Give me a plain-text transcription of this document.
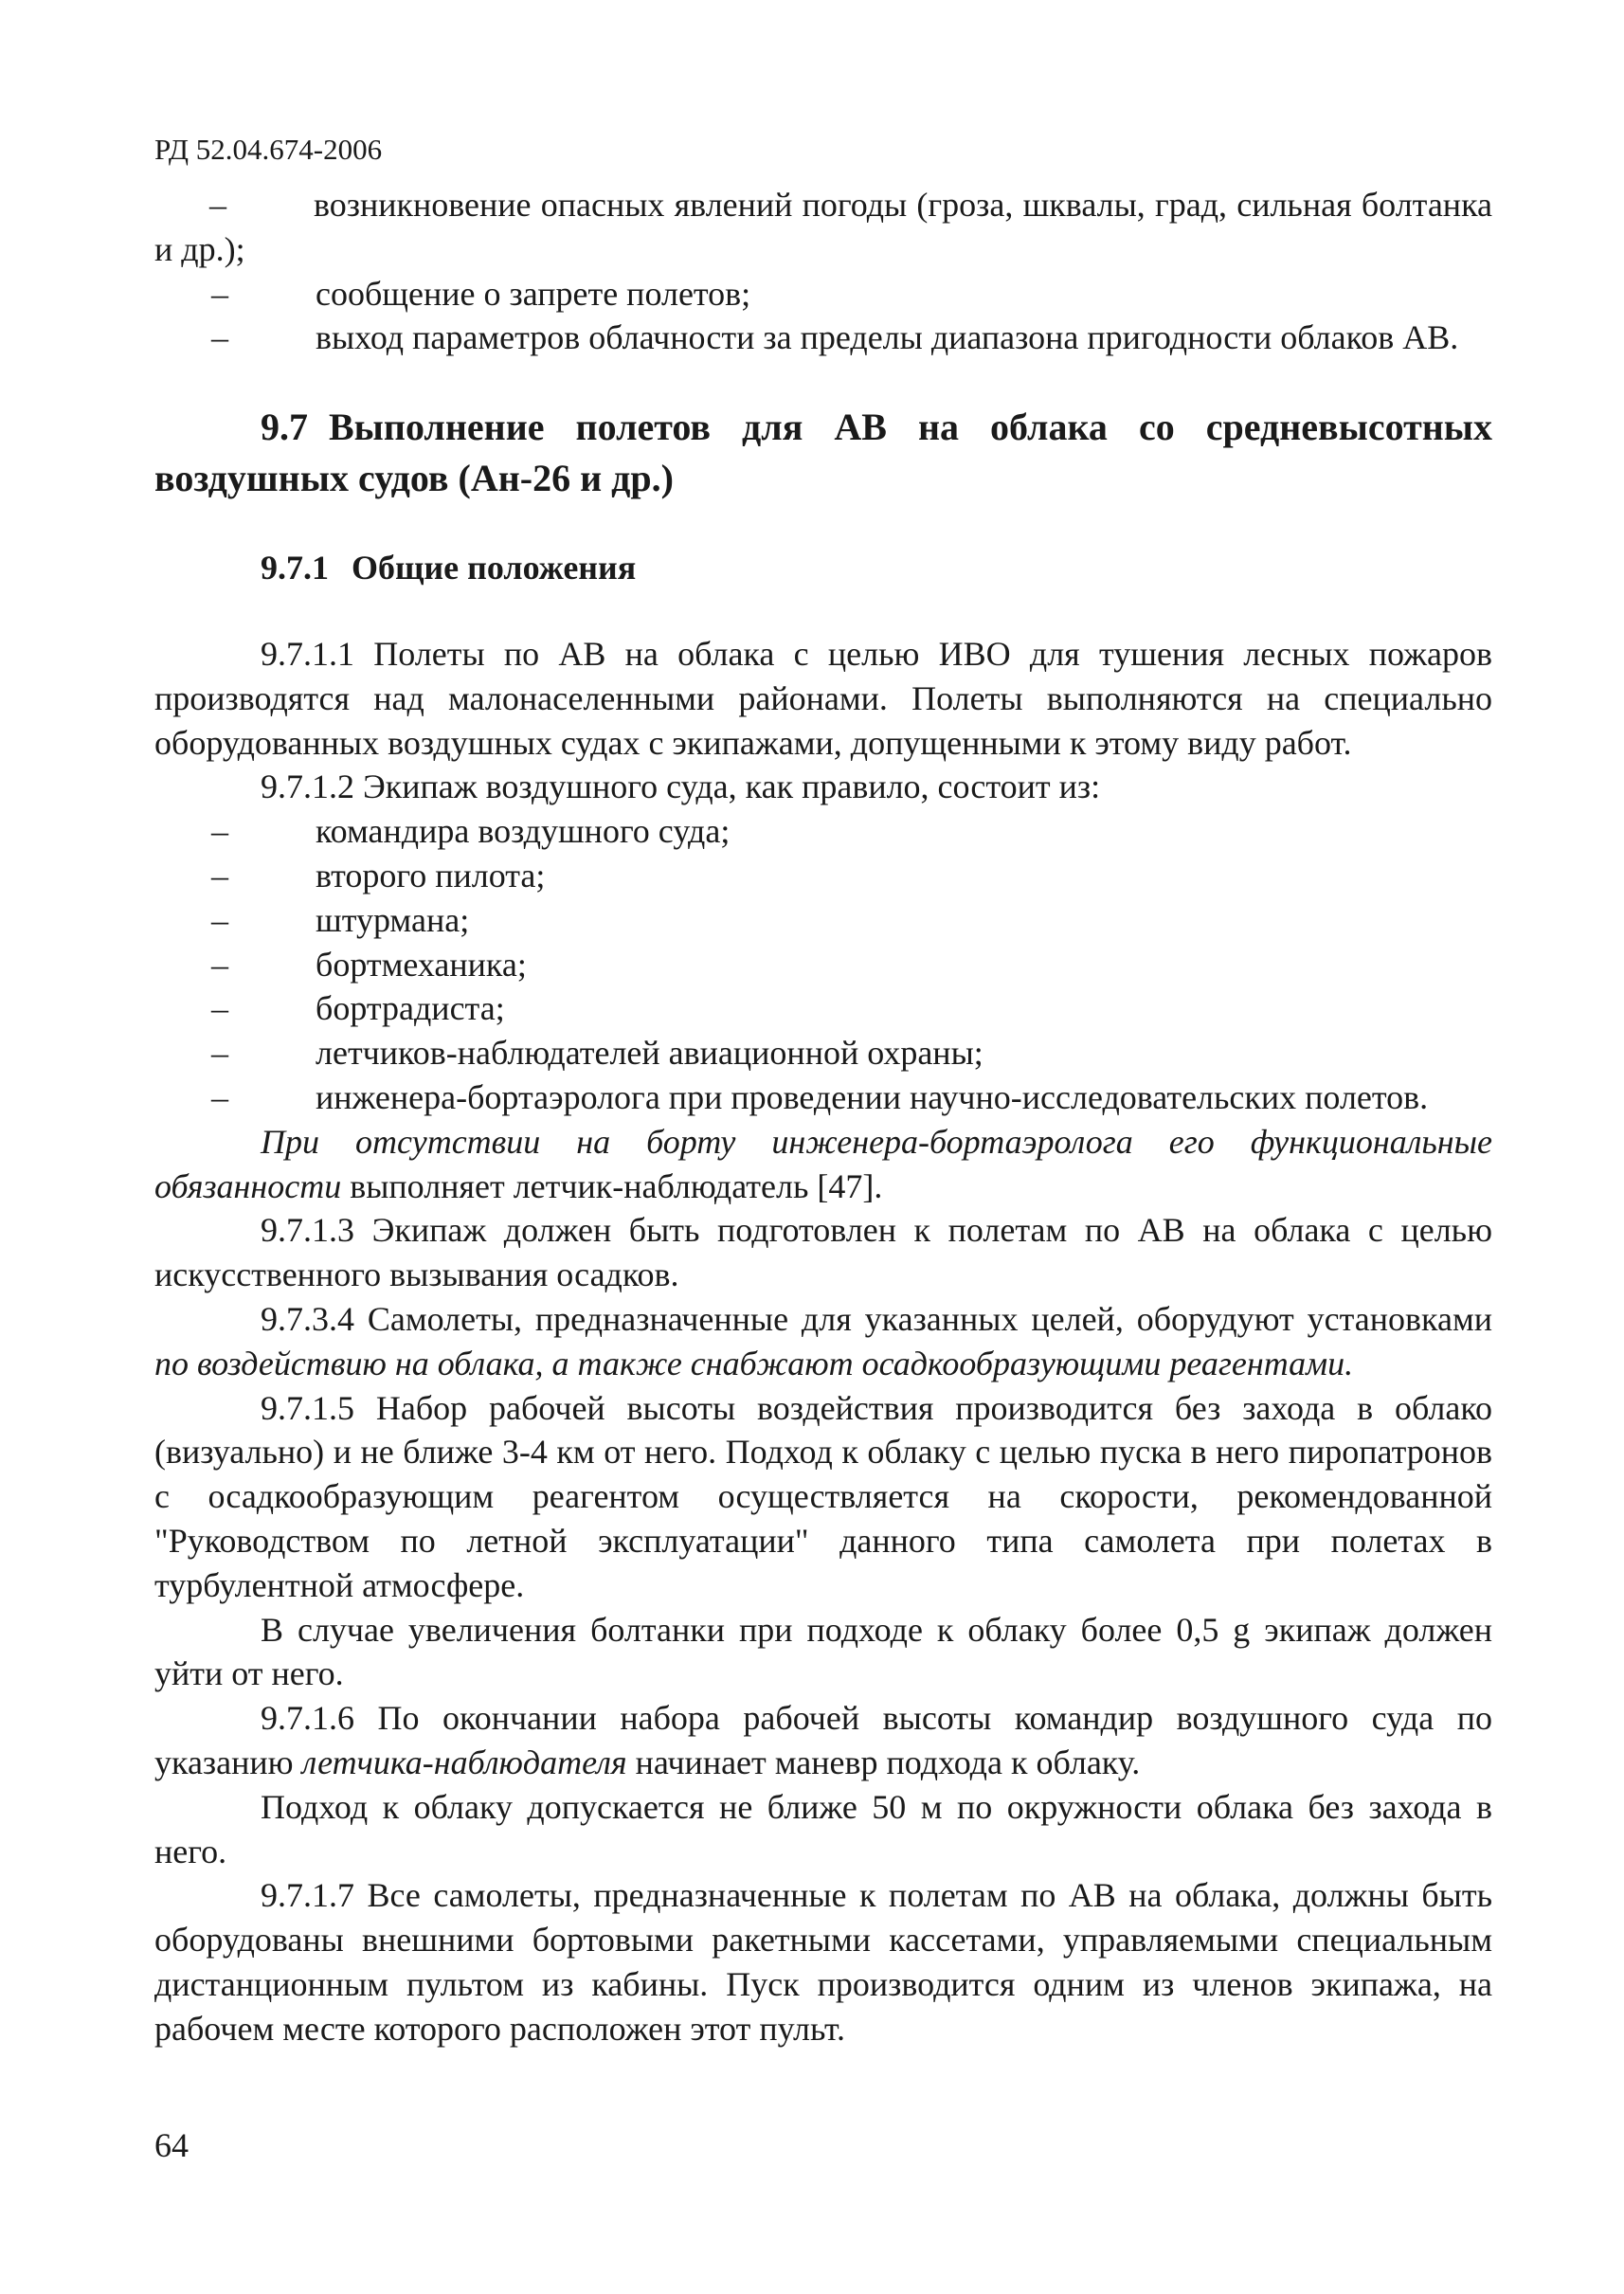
РД 52.04.674-2006

–	возникновение опасных явлений погоды (гроза, шквалы, град, сильная болтанка и др.);

–	сообщение о запрете полетов;

–	выход параметров облачности за пределы диапазона пригодности облаков АВ.

9.7 Выполнение полетов для АВ на облака со средневысотных воздушных судов (Ан-26 и др.)

9.7.1 Общие положения

9.7.1.1 Полеты по АВ на облака с целью ИВО для тушения лесных пожаров производятся над малонаселенными районами. Полеты выполняются на специально оборудованных воздушных судах с экипажами, допущенными к этому виду работ.

9.7.1.2 Экипаж воздушного суда, как правило, состоит из:

–	командира воздушного суда;

–	второго пилота;

–	штурмана;

–	бортмеханика;

–	бортрадиста;

–	летчиков-наблюдателей авиационной охраны;

–	инженера-бортаэролога при проведении научно-исследовательских полетов.

При отсутствии на борту инженера-бортаэролога его функциональные обязанности выполняет летчик-наблюдатель [47].

9.7.1.3 Экипаж должен быть подготовлен к полетам по АВ на облака с целью искусственного вызывания осадков.

9.7.3.4 Самолеты, предназначенные для указанных целей, оборудуют установками по воздействию на облака, а также снабжают осадкообразующими реагентами.

9.7.1.5 Набор рабочей высоты воздействия производится без захода в облако (визуально) и не ближе 3-4 км от него. Подход к облаку с целью пуска в него пиропатронов с осадкообразующим реагентом осуществляется на скорости, рекомендованной "Руководством по летной эксплуатации" данного типа самолета при полетах в турбулентной атмосфере.

В случае увеличения болтанки при подходе к облаку более 0,5 g экипаж должен уйти от него.

9.7.1.6 По окончании набора рабочей высоты командир воздушного суда по указанию летчика-наблюдателя начинает маневр подхода к облаку.

Подход к облаку допускается не ближе 50 м по окружности облака без захода в него.

9.7.1.7 Все самолеты, предназначенные к полетам по АВ на облака, должны быть оборудованы внешними бортовыми ракетными кассетами, управляемыми специальным дистанционным пультом из кабины. Пуск производится одним из членов экипажа, на рабочем месте которого расположен этот пульт.

64
